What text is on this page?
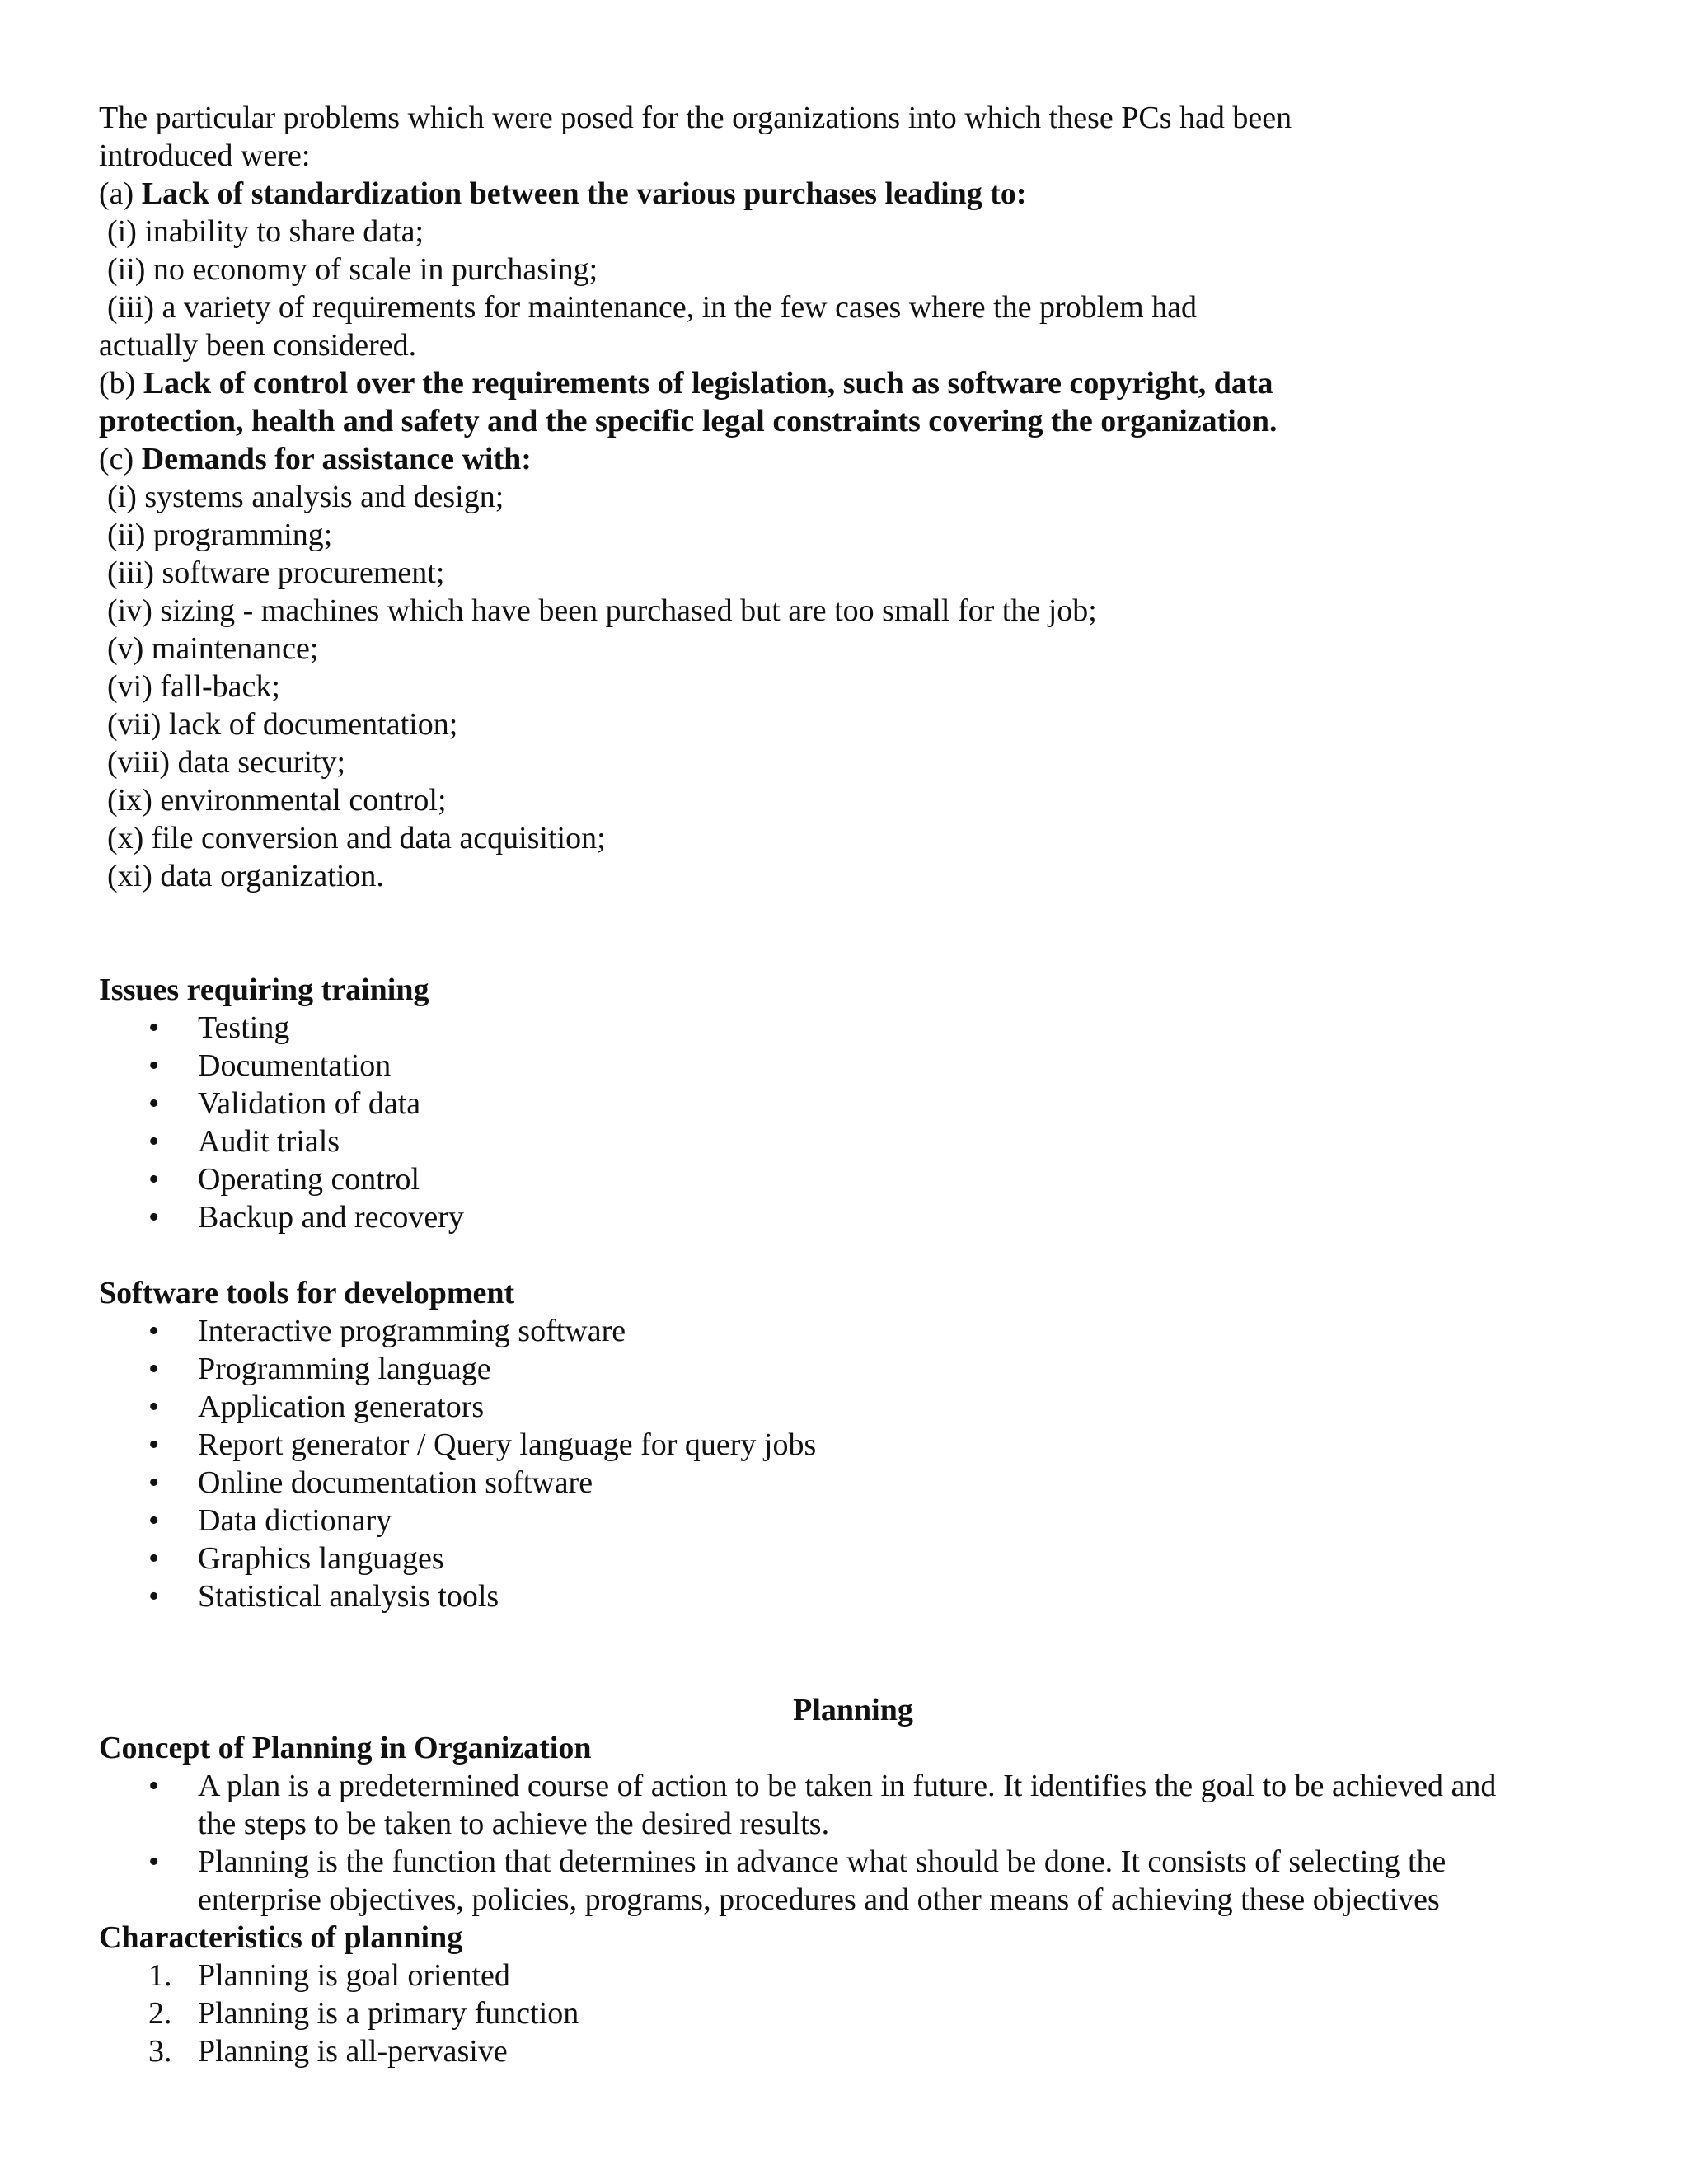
The particular problems which were posed for the organizations into which these PCs had been

introduced were:

(a) Lack of standardization between the various purchases leading to:

(i) inability to share data;

(ii) no economy of scale in purchasing;

(iii) a variety of requirements for maintenance, in the few cases where the problem had

actually been considered.

(b) Lack of control over the requirements of legislation, such as software copyright, data

protection, health and safety and the specific legal constraints covering the organization.

(c) Demands for assistance with:

(i) systems analysis and design;

(ii) programming;

(iii) software procurement;

(iv) sizing - machines which have been purchased but are too small for the job;

(v) maintenance;

(vi) fall-back;

(vii) lack of documentation;

(viii) data security;

(ix) environmental control;

(x) file conversion and data acquisition;

(xi) data organization.

Issues requiring training

• Testing
• Documentation
• Validation of data
• Audit trials
• Operating control
• Backup and recovery

Software tools for development

• Interactive programming software
• Programming language
• Application generators
• Report generator / Query language for query jobs
• Online documentation software
• Data dictionary
• Graphics languages
• Statistical analysis tools

Planning

Concept of Planning in Organization

• A plan is a predetermined course of action to be taken in future. It identifies the goal to be achieved and
the steps to be taken to achieve the desired results.
• Planning is the function that determines in advance what should be done. It consists of selecting the
enterprise objectives, policies, programs, procedures and other means of achieving these objectives

Characteristics of planning

1. Planning is goal oriented
2. Planning is a primary function
3. Planning is all-pervasive
